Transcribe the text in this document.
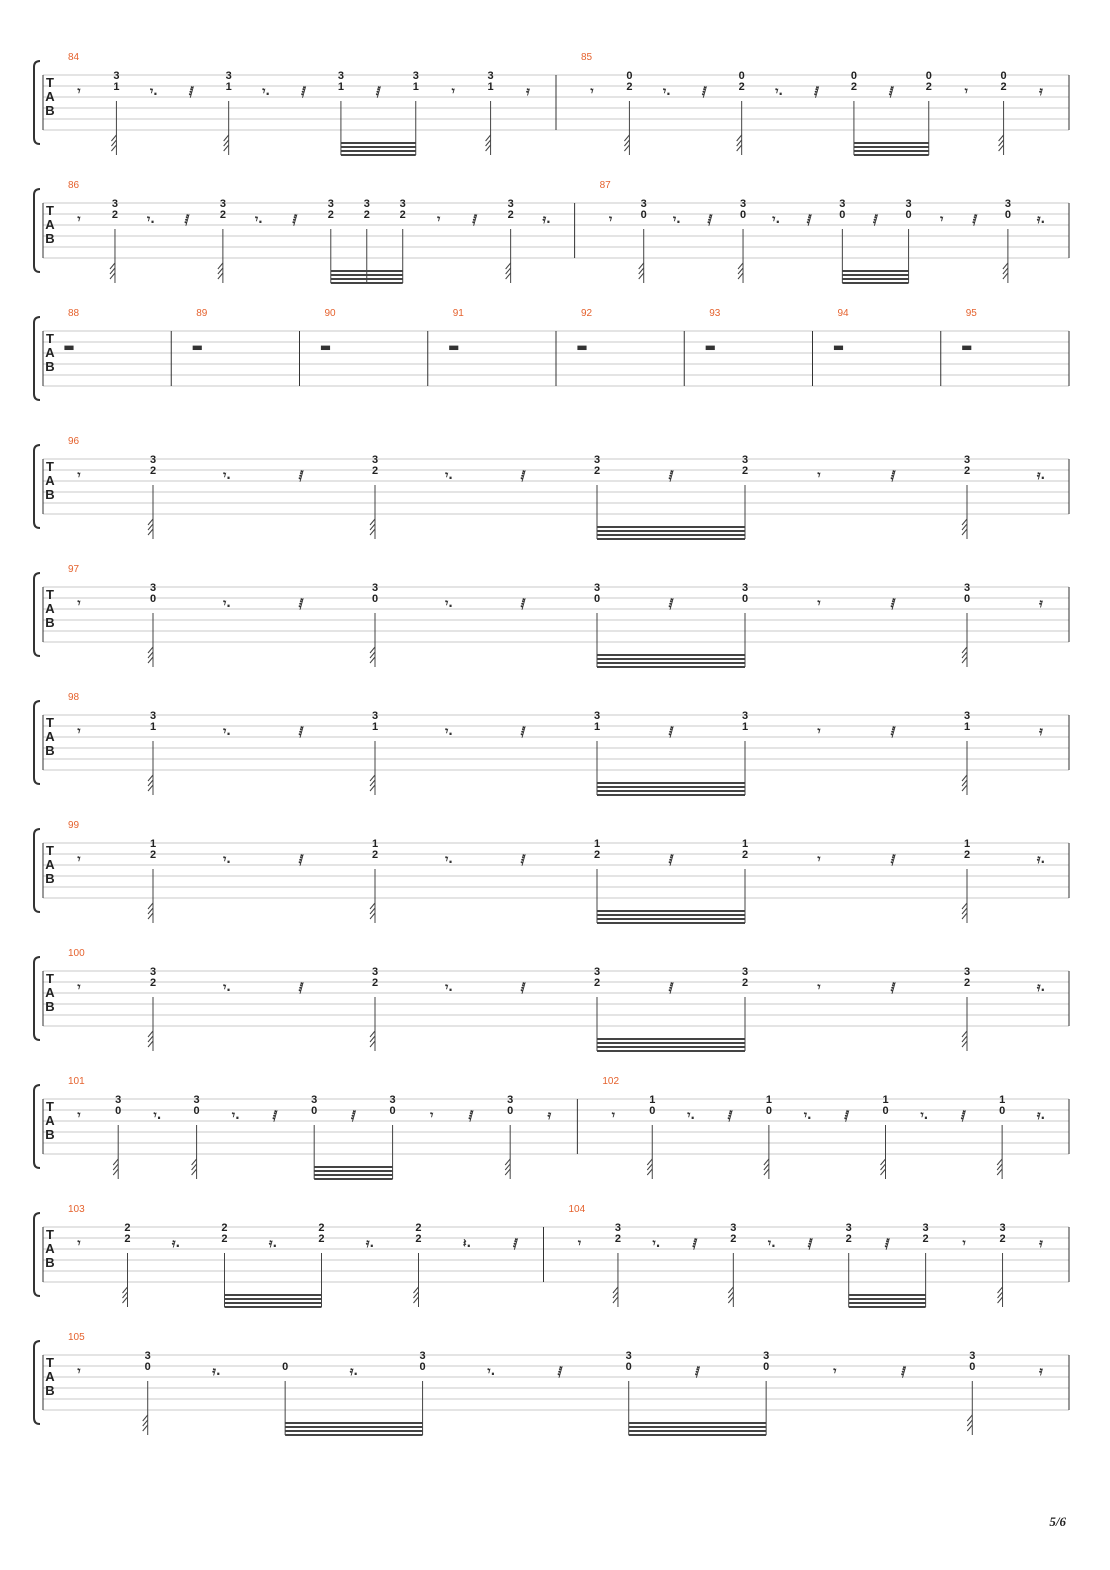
T
A
B
84
𝄾
3
1	𝄾.	𝅁
3
1	𝄾.	𝅁
3
1	𝅁
3
1	𝄾
3
1	𝄿
85
𝄾
0
2	𝄾.	𝅁
0
2	𝄾.	𝅁
0
2	𝅁
0
2	𝄾
0
2	𝄿
T
A
B
86
𝄾
3
2 𝄾. 𝅁
3
2 𝄾. 𝅁
3
2
3
2
3
2	𝄾	𝅁
3
2 𝄿.
87
𝄾
3
0 𝄾. 𝅁
3
0 𝄾. 𝅁
3
0 𝅁
3
0 𝄾 𝅁
3
0 𝄿.
T
A
B
88
▬
89
▬
90
▬
91
▬
92
▬
93
▬
94
▬
95
▬
T
A
B
96
𝄾
3
2	𝄾.	𝅁
3
2	𝄾.	𝅁
3
2	𝅁
3
2	𝄾	𝅁
3
2	𝄿.
T
A
B
97
𝄾
3
0	𝄾.	𝅁
3
0	𝄾.	𝅁
3
0	𝅁
3
0	𝄾	𝅁
3
0	𝄿
T
A
B
98
𝄾
3
1	𝄾.	𝅁
3
1	𝄾.	𝅁
3
1	𝅁
3
1	𝄾	𝅁
3
1	𝄿
T
A
B
99
𝄾
1
2	𝄾.	𝅁
1
2	𝄾.	𝅁
1
2	𝅁
1
2	𝄾	𝅁
1
2	𝄿.
T
A
B
100
𝄾
3
2	𝄾.	𝅁
3
2	𝄾.	𝅁
3
2	𝅁
3
2	𝄾	𝅁
3
2	𝄿.
T
A
B
101
𝄾
3
0	𝄾.
3
0	𝄾.	𝅁
3
0	𝅁
3
0	𝄾	𝅁
3
0	𝄿
102
𝄾
1
0	𝄾.	𝅁
1
0	𝄾.	𝅁
1
0	𝄾.	𝅁
1
0	𝄿.
T
A
B
103
𝄾
2
2	𝄿.
2
2	𝄿.
2
2	𝄿.
2
2	𝄽.	𝅁
104
𝄾
3
2	𝄾.	𝅁
3
2	𝄾.	𝅁
3
2	𝅁
3
2	𝄾
3
2	𝄿
T
A
B
105
𝄾
3
0	𝄿.	0	𝄿.
3
0	𝄾.	𝅁
3
0	𝅁
3
0	𝄾	𝅁
3
0	𝄿
5/6
